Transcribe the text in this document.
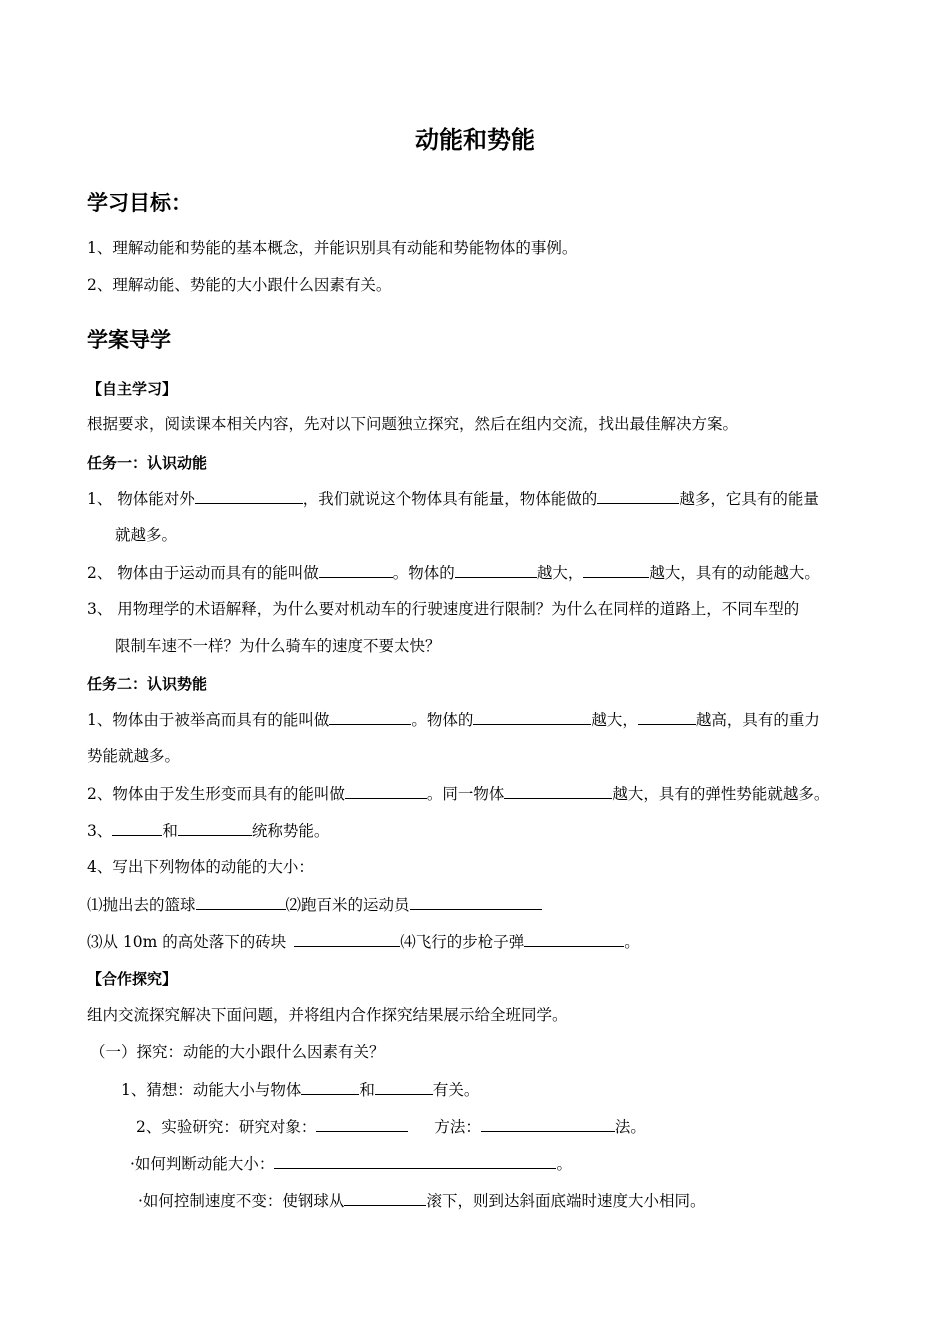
动能和势能
学习目标：
1、理解动能和势能的基本概念，并能识别具有动能和势能物体的事例。
2、理解动能、势能的大小跟什么因素有关。
学案导学
【自主学习】
根据要求，阅读课本相关内容，先对以下问题独立探究，然后在组内交流，找出最佳解决方案。
任务一：认识动能
1、 物体能对外	，我们就说这个物体具有能量，物体能做的	越多，它具有的能量
就越多。
2、 物体由于运动而具有的能叫做	。物体的	越大，	越大，具有的动能越大。
3、 用物理学的术语解释，为什么要对机动车的行驶速度进行限制？为什么在同样的道路上，不同车型的
限制车速不一样？为什么骑车的速度不要太快？
任务二：认识势能
1、物体由于被举高而具有的能叫做	。物体的	越大，	越高，具有的重力
势能就越多。
2、物体由于发生形变而具有的能叫做	。同一物体	越大，具有的弹性势能就越多。
3、	和	统称势能。
4、写出下列物体的动能的大小：
⑴抛出去的篮球	⑵跑百米的运动员
⑶从 10m 的高处落下的砖块	⑷飞行的步枪子弹	。
【合作探究】
组内交流探究解决下面问题，并将组内合作探究结果展示给全班同学。
（一）探究：动能的大小跟什么因素有关？
1、猜想：动能大小与物体	和	有关。
2、实验研究：研究对象：	方法：	法。
·如何判断动能大小：	。
·如何控制速度不变：使钢球从	滚下，则到达斜面底端时速度大小相同。
